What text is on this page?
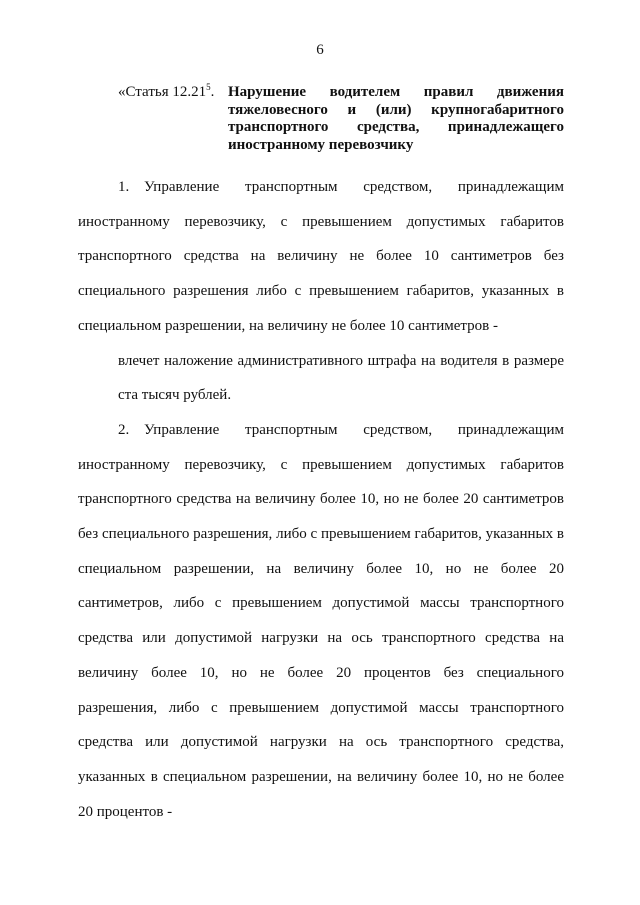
6
«Статья 12.21$^5$. Нарушение водителем правил движения тяжеловесного и (или) крупногабаритного транспортного средства, принадлежащего иностранному перевозчику

1. Управление транспортным средством, принадлежащим иностранному перевозчику, с превышением допустимых габаритов транспортного средства на величину не более 10 сантиметров без специального разрешения либо с превышением габаритов, указанных в специальном разрешении, на величину не более 10 сантиметров -

влечет наложение административного штрафа на водителя в размере ста тысяч рублей.

2. Управление транспортным средством, принадлежащим иностранному перевозчику, с превышением допустимых габаритов транспортного средства на величину более 10, но не более 20 сантиметров без специального разрешения, либо с превышением габаритов, указанных в специальном разрешении, на величину более 10, но не более 20 сантиметров, либо с превышением допустимой массы транспортного средства или допустимой нагрузки на ось транспортного средства на величину более 10, но не более 20 процентов без специального разрешения, либо с превышением допустимой массы транспортного средства или допустимой нагрузки на ось транспортного средства, указанных в специальном разрешении, на величину более 10, но не более 20 процентов -
